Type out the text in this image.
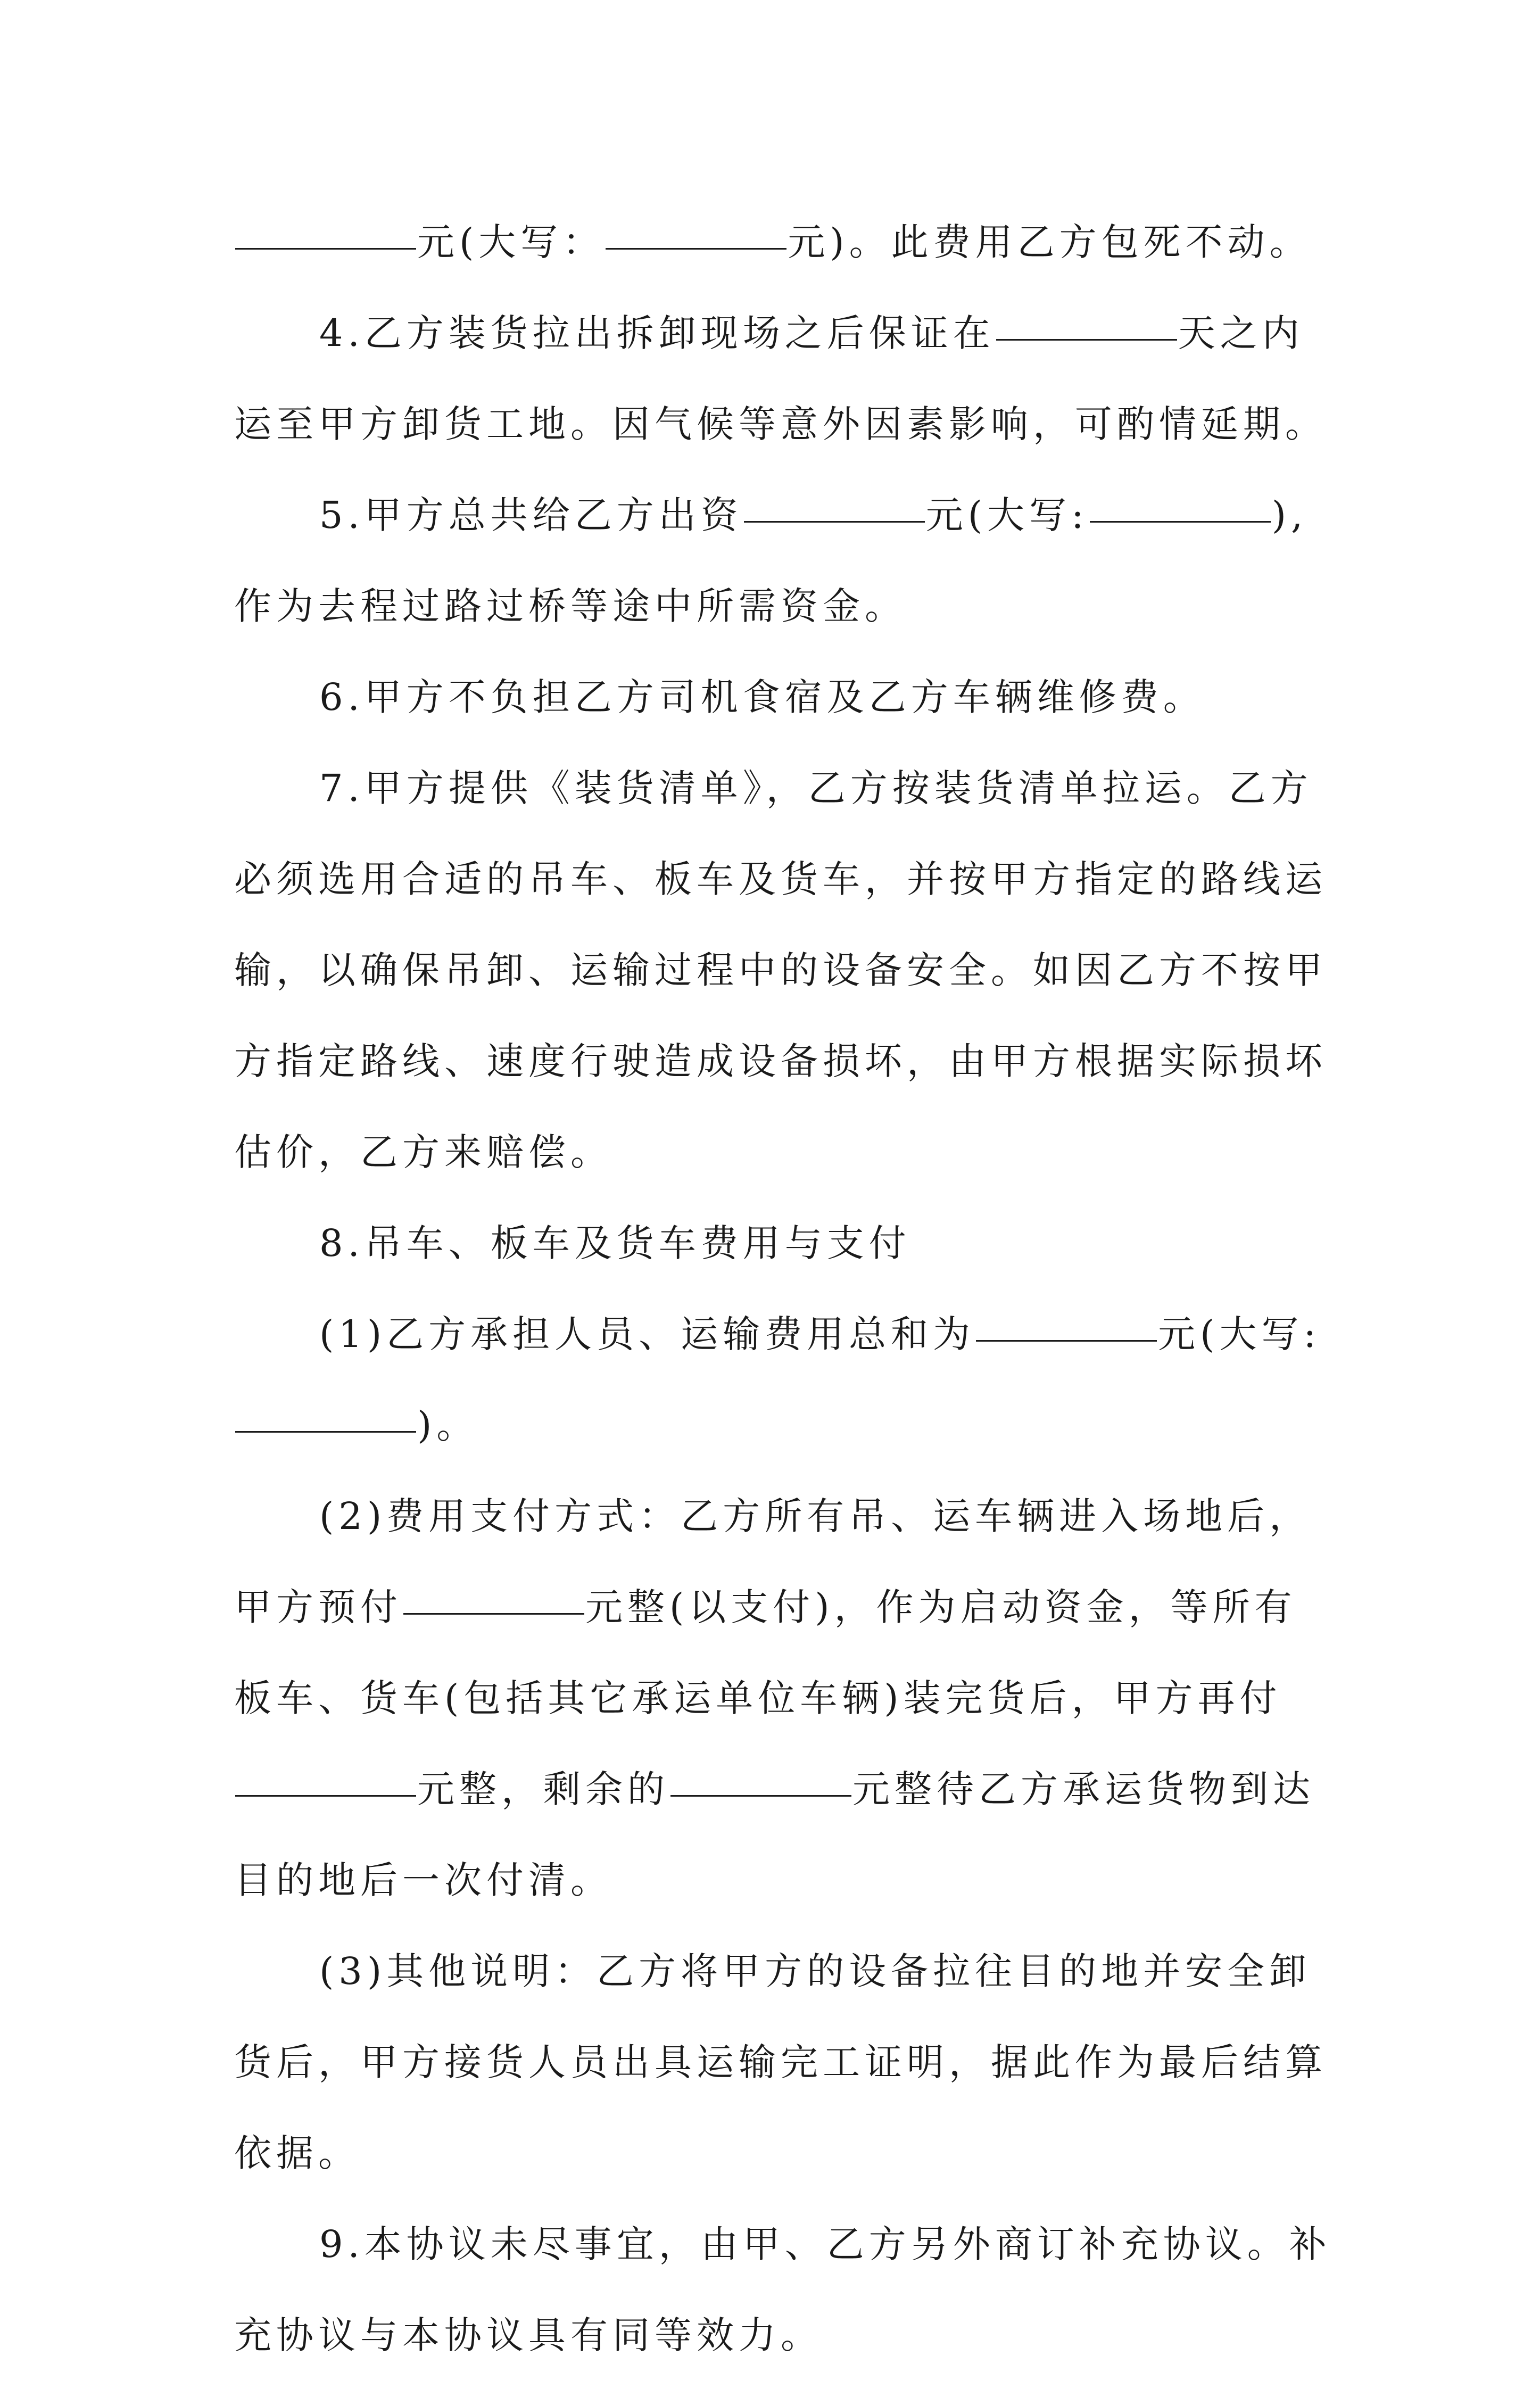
元(大写：	元)。此费用乙方包死不动。
4.乙方装货拉出拆卸现场之后保证在	天之内
运至甲方卸货工地。因气候等意外因素影响，可酌情延期。
5.甲方总共给乙方出资	元(大写:	),
作为去程过路过桥等途中所需资金。
6.甲方不负担乙方司机食宿及乙方车辆维修费。
7.甲方提供《装货清单》，乙方按装货清单拉运。乙方
必须选用合适的吊车、板车及货车，并按甲方指定的路线运
输，以确保吊卸、运输过程中的设备安全。如因乙方不按甲
方指定路线、速度行驶造成设备损坏，由甲方根据实际损坏
估价，乙方来赔偿。
8.吊车、板车及货车费用与支付
(1)乙方承担人员、运输费用总和为	元(大写:
)。
(2)费用支付方式：乙方所有吊、运车辆进入场地后，
甲方预付	元整(以支付)，作为启动资金，等所有
板车、货车(包括其它承运单位车辆)装完货后，甲方再付
元整，剩余的	元整待乙方承运货物到达
目的地后一次付清。
(3)其他说明：乙方将甲方的设备拉往目的地并安全卸
货后，甲方接货人员出具运输完工证明，据此作为最后结算
依据。
9.本协议未尽事宜，由甲、乙方另外商订补充协议。补
充协议与本协议具有同等效力。
